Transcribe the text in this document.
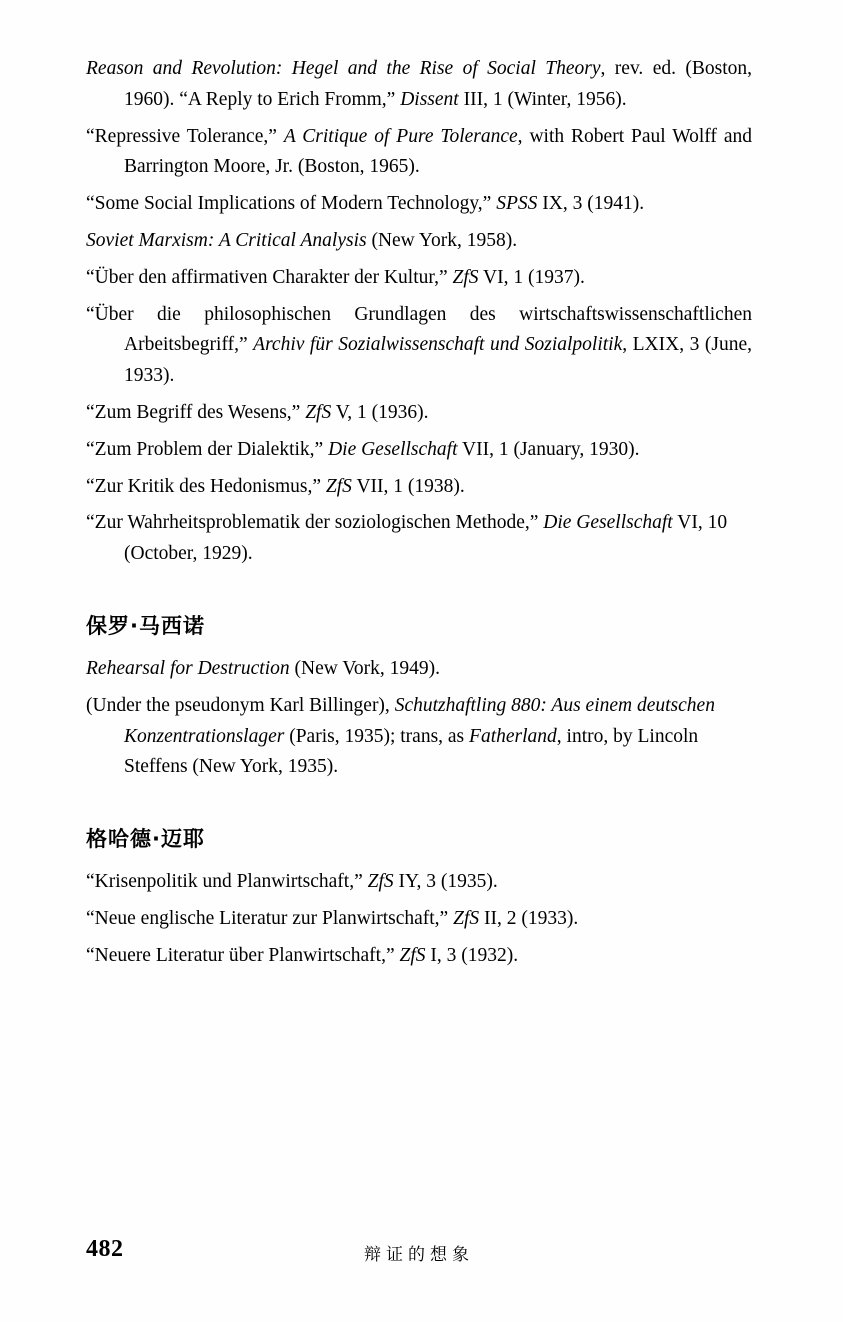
Reason and Revolution: Hegel and the Rise of Social Theory, rev. ed. (Boston, 1960). “A Reply to Erich Fromm,” Dissent III, 1 (Winter, 1956).
“Repressive Tolerance,” A Critique of Pure Tolerance, with Robert Paul Wolff and Barrington Moore, Jr. (Boston, 1965).
“Some Social Implications of Modern Technology,” SPSS IX, 3 (1941).
Soviet Marxism: A Critical Analysis (New York, 1958).
“Über den affirmativen Charakter der Kultur,” ZfS VI, 1 (1937).
“Über die philosophischen Grundlagen des wirtschaftswissenschaftlichen Arbeitsbegriff,” Archiv für Sozialwissenschaft und Sozialpolitik, LXIX, 3 (June, 1933).
“Zum Begriff des Wesens,” ZfS V, 1 (1936).
“Zum Problem der Dialektik,” Die Gesellschaft VII, 1 (January, 1930).
“Zur Kritik des Hedonismus,” ZfS VII, 1 (1938).
“Zur Wahrheitsproblematik der soziologischen Methode,” Die Gesellschaft VI, 10 (October, 1929).
保罗·马西诺
Rehearsal for Destruction (New Vork, 1949).
(Under the pseudonym Karl Billinger), Schutzhaftling 880: Aus einem deutschen Konzentrationslager (Paris, 1935); trans, as Fatherland, intro, by Lincoln Steffens (New York, 1935).
格哈德·迈耶
“Krisenpolitik und Planwirtschaft,” ZfS IY, 3 (1935).
“Neue englische Literatur zur Planwirtschaft,” ZfS II, 2 (1933).
“Neuere Literatur über Planwirtschaft,” ZfS I, 3 (1932).
482	辩证的想象
